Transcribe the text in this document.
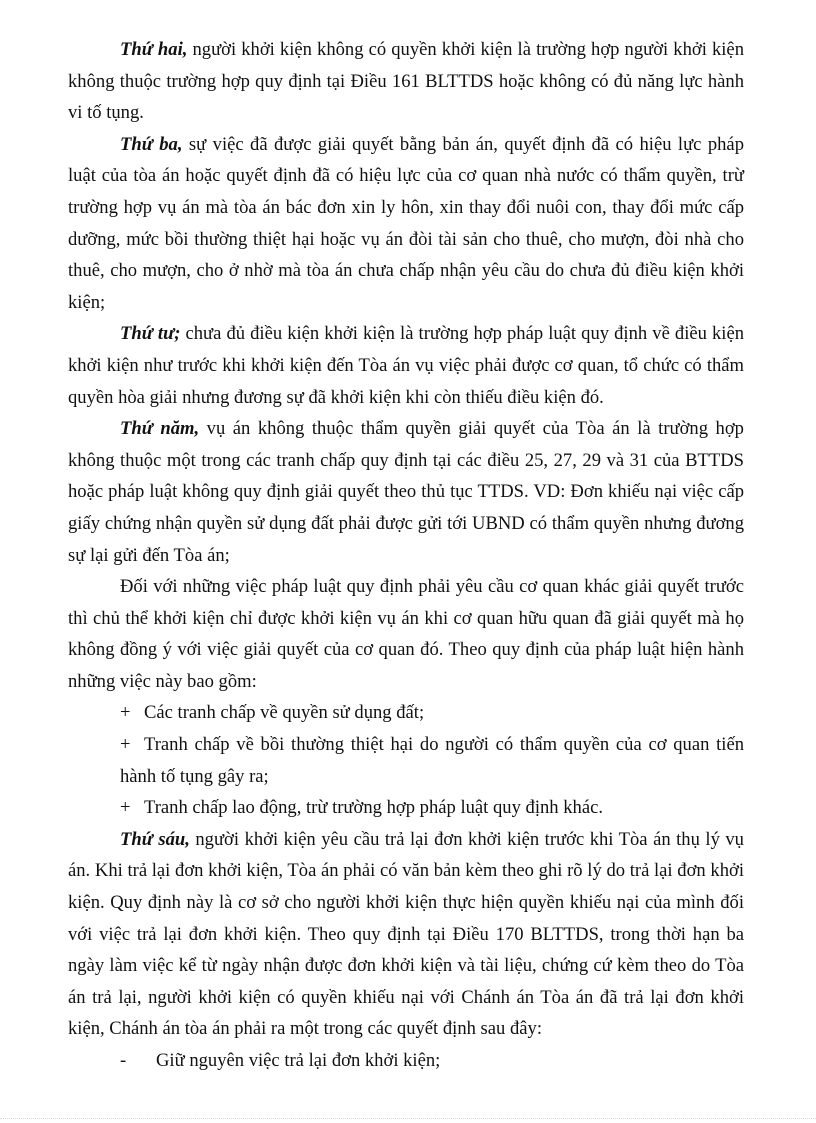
Thứ hai, người khởi kiện không có quyền khởi kiện là trường hợp người khởi kiện không thuộc trường hợp quy định tại Điều 161 BLTTDS hoặc không có đủ năng lực hành vi tố tụng.

Thứ ba, sự việc đã được giải quyết bằng bản án, quyết định đã có hiệu lực pháp luật của tòa án hoặc quyết định đã có hiệu lực của cơ quan nhà nước có thẩm quyền, trừ trường hợp vụ án mà tòa án bác đơn xin ly hôn, xin thay đổi nuôi con, thay đổi mức cấp dưỡng, mức bồi thường thiệt hại hoặc vụ án đòi tài sản cho thuê, cho mượn, đòi nhà cho thuê, cho mượn, cho ở nhờ mà tòa án chưa chấp nhận yêu cầu do chưa đủ điều kiện khởi kiện;

Thứ tư; chưa đủ điều kiện khởi kiện là trường hợp pháp luật quy định về điều kiện khởi kiện như trước khi khởi kiện đến Tòa án vụ việc phải được cơ quan, tổ chức có thẩm quyền hòa giải nhưng đương sự đã khởi kiện khi còn thiếu điều kiện đó.

Thứ năm, vụ án không thuộc thẩm quyền giải quyết của Tòa án là trường hợp không thuộc một trong các tranh chấp quy định tại các điều 25, 27, 29 và 31 của BTTDS hoặc pháp luật không quy định giải quyết theo thủ tục TTDS. VD: Đơn khiếu nại việc cấp giấy chứng nhận quyền sử dụng đất phải được gửi tới UBND có thẩm quyền nhưng đương sự lại gửi đến Tòa án;

Đối với những việc pháp luật quy định phải yêu cầu cơ quan khác giải quyết trước thì chủ thể khởi kiện chỉ được khởi kiện vụ án khi cơ quan hữu quan đã giải quyết mà họ không đồng ý với việc giải quyết của cơ quan đó. Theo quy định của pháp luật hiện hành những việc này bao gồm:

+ Các tranh chấp về quyền sử dụng đất;

+ Tranh chấp về bồi thường thiệt hại do người có thẩm quyền của cơ quan tiến hành tố tụng gây ra;

+ Tranh chấp lao động, trừ trường hợp pháp luật quy định khác.

Thứ sáu, người khởi kiện yêu cầu trả lại đơn khởi kiện trước khi Tòa án thụ lý vụ án. Khi trả lại đơn khởi kiện, Tòa án phải có văn bản kèm theo ghi rõ lý do trả lại đơn khởi kiện. Quy định này là cơ sở cho người khởi kiện thực hiện quyền khiếu nại của mình đối với việc trả lại đơn khởi kiện. Theo quy định tại Điều 170 BLTTDS, trong thời hạn ba ngày làm việc kể từ ngày nhận được đơn khởi kiện và tài liệu, chứng cứ kèm theo do Tòa án trả lại, người khởi kiện có quyền khiếu nại với Chánh án Tòa án đã trả lại đơn khởi kiện, Chánh án tòa án phải ra một trong các quyết định sau đây:

- Giữ nguyên việc trả lại đơn khởi kiện;
